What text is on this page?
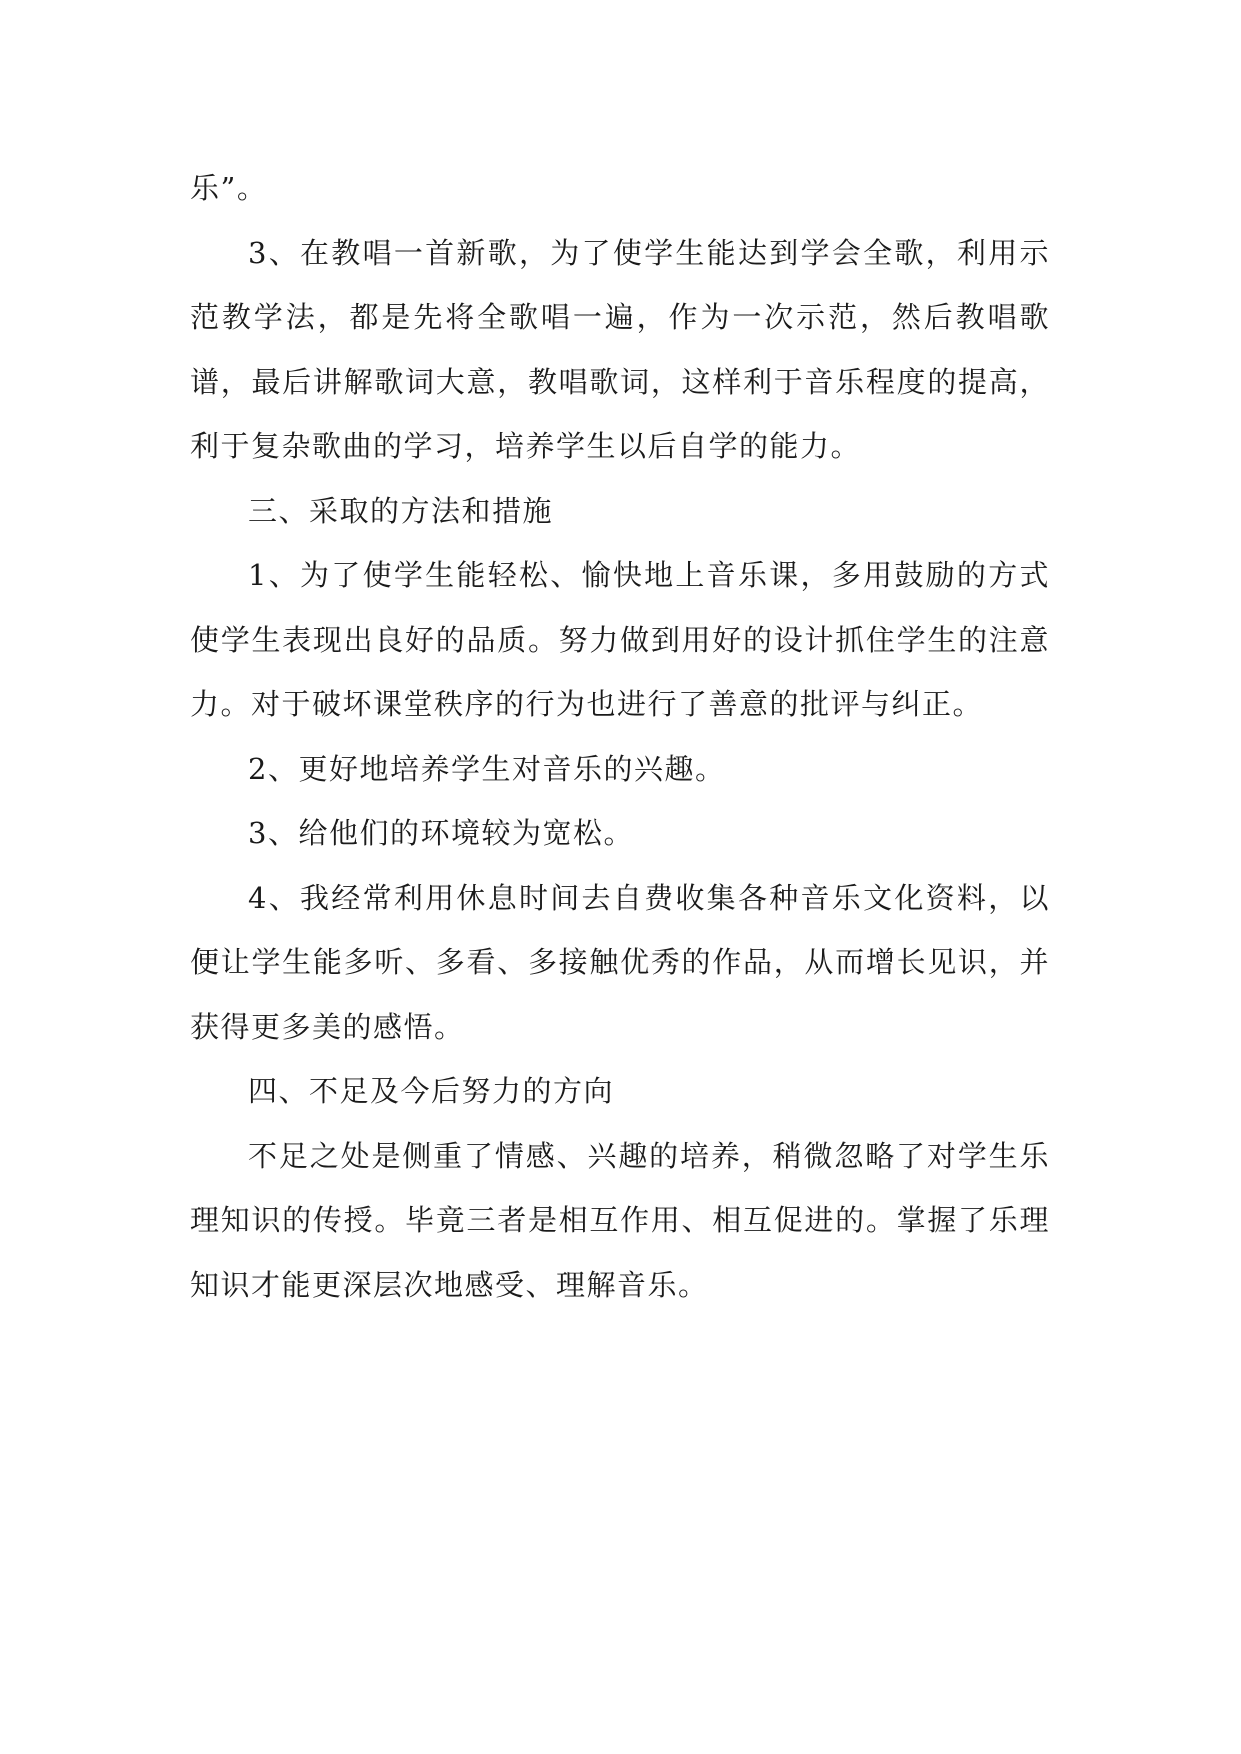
乐”。

3、在教唱一首新歌，为了使学生能达到学会全歌，利用示范教学法，都是先将全歌唱一遍，作为一次示范，然后教唱歌谱，最后讲解歌词大意，教唱歌词，这样利于音乐程度的提高，利于复杂歌曲的学习，培养学生以后自学的能力。

三、采取的方法和措施

1、为了使学生能轻松、愉快地上音乐课，多用鼓励的方式使学生表现出良好的品质。努力做到用好的设计抓住学生的注意力。对于破坏课堂秩序的行为也进行了善意的批评与纠正。

2、更好地培养学生对音乐的兴趣。

3、给他们的环境较为宽松。

4、我经常利用休息时间去自费收集各种音乐文化资料，以便让学生能多听、多看、多接触优秀的作品，从而增长见识，并获得更多美的感悟。

四、不足及今后努力的方向

不足之处是侧重了情感、兴趣的培养，稍微忽略了对学生乐理知识的传授。毕竟三者是相互作用、相互促进的。掌握了乐理知识才能更深层次地感受、理解音乐。
